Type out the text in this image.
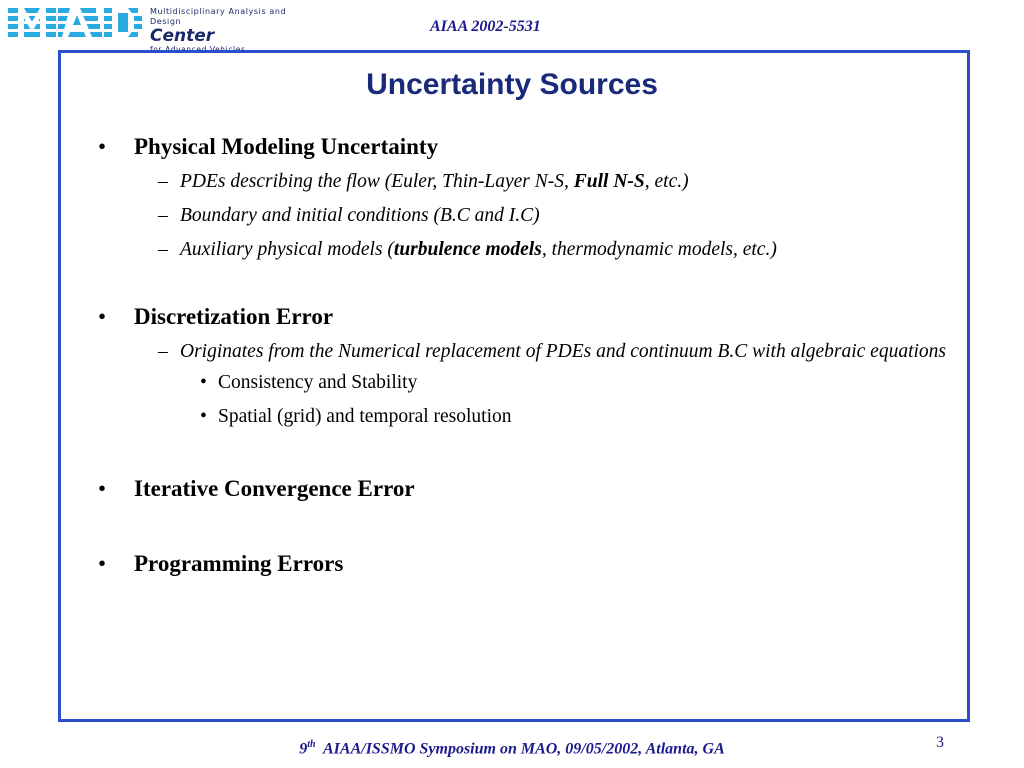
Multidisciplinary Analysis and Design
Center
for Advanced Vehicles
AIAA 2002-5531
Uncertainty Sources
• Physical Modeling Uncertainty
– PDEs describing the flow (Euler, Thin-Layer N-S, Full N-S, etc.)
– Boundary and initial conditions (B.C and I.C)
– Auxiliary physical models (turbulence models, thermodynamic models, etc.)
• Discretization Error
– Originates from the Numerical replacement of PDEs and continuum B.C with algebraic equations
• Consistency and Stability
• Spatial (grid) and temporal resolution
• Iterative Convergence Error
• Programming Errors
9th AIAA/ISSMO Symposium on MAO, 09/05/2002, Atlanta, GA	3
